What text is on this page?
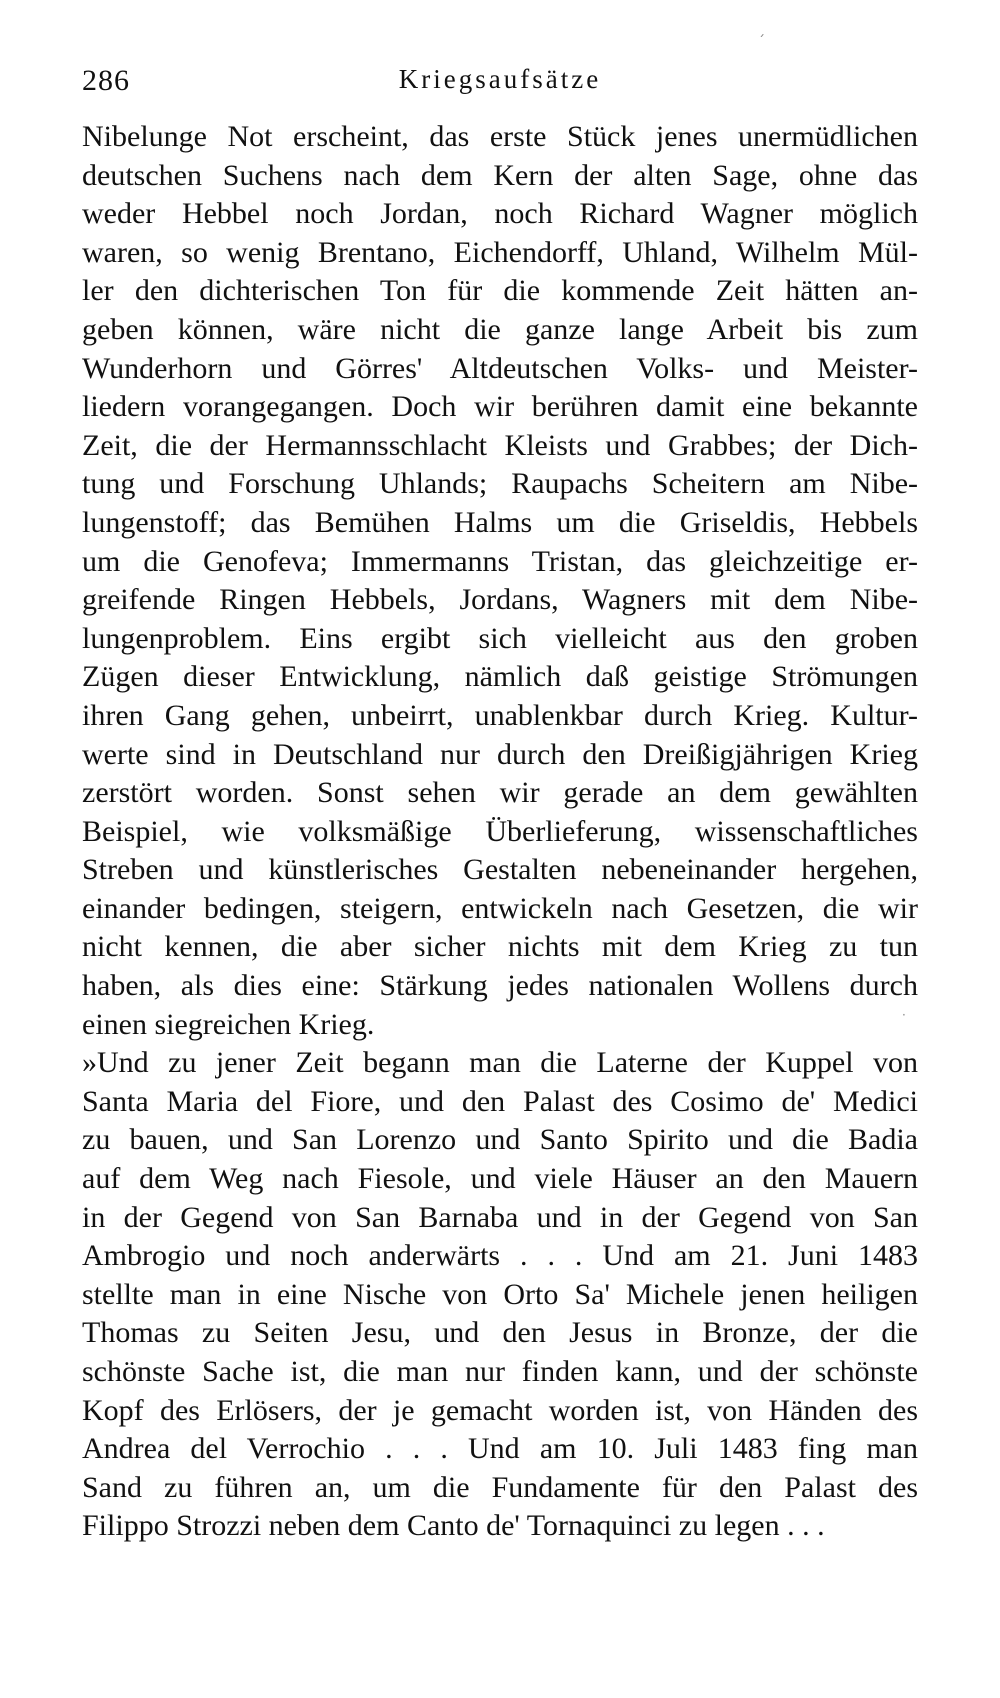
ˊ
286	Kriegsaufsätze
Nibelunge Not erscheint, das erste Stück jenes unermüdlichen
deutschen Suchens nach dem Kern der alten Sage, ohne das
weder Hebbel noch Jordan, noch Richard Wagner möglich
waren, so wenig Brentano, Eichendorff, Uhland, Wilhelm Mül-
ler den dichterischen Ton für die kommende Zeit hätten an-
geben können, wäre nicht die ganze lange Arbeit bis zum
Wunderhorn und Görres' Altdeutschen Volks- und Meister-
liedern vorangegangen. Doch wir berühren damit eine bekannte
Zeit, die der Hermannsschlacht Kleists und Grabbes; der Dich-
tung und Forschung Uhlands; Raupachs Scheitern am Nibe-
lungenstoff; das Bemühen Halms um die Griseldis, Hebbels
um die Genofeva; Immermanns Tristan, das gleichzeitige er-
greifende Ringen Hebbels, Jordans, Wagners mit dem Nibe-
lungenproblem. Eins ergibt sich vielleicht aus den groben
Zügen dieser Entwicklung, nämlich daß geistige Strömungen
ihren Gang gehen, unbeirrt, unablenkbar durch Krieg. Kultur-
werte sind in Deutschland nur durch den Dreißigjährigen Krieg
zerstört worden. Sonst sehen wir gerade an dem gewählten
Beispiel, wie volksmäßige Überlieferung, wissenschaftliches
Streben und künstlerisches Gestalten nebeneinander hergehen,
einander bedingen, steigern, entwickeln nach Gesetzen, die wir
nicht kennen, die aber sicher nichts mit dem Krieg zu tun
haben, als dies eine: Stärkung jedes nationalen Wollens durch
einen siegreichen Krieg.
»Und zu jener Zeit begann man die Laterne der Kuppel von
Santa Maria del Fiore, und den Palast des Cosimo de' Medici
zu bauen, und San Lorenzo und Santo Spirito und die Badia
auf dem Weg nach Fiesole, und viele Häuser an den Mauern
in der Gegend von San Barnaba und in der Gegend von San
Ambrogio und noch anderwärts . . . Und am 21. Juni 1483
stellte man in eine Nische von Orto Sa' Michele jenen heiligen
Thomas zu Seiten Jesu, und den Jesus in Bronze, der die
schönste Sache ist, die man nur finden kann, und der schönste
Kopf des Erlösers, der je gemacht worden ist, von Händen des
Andrea del Verrochio . . . Und am 10. Juli 1483 fing man
Sand zu führen an, um die Fundamente für den Palast des
Filippo Strozzi neben dem Canto de' Tornaquinci zu legen . . .
·
